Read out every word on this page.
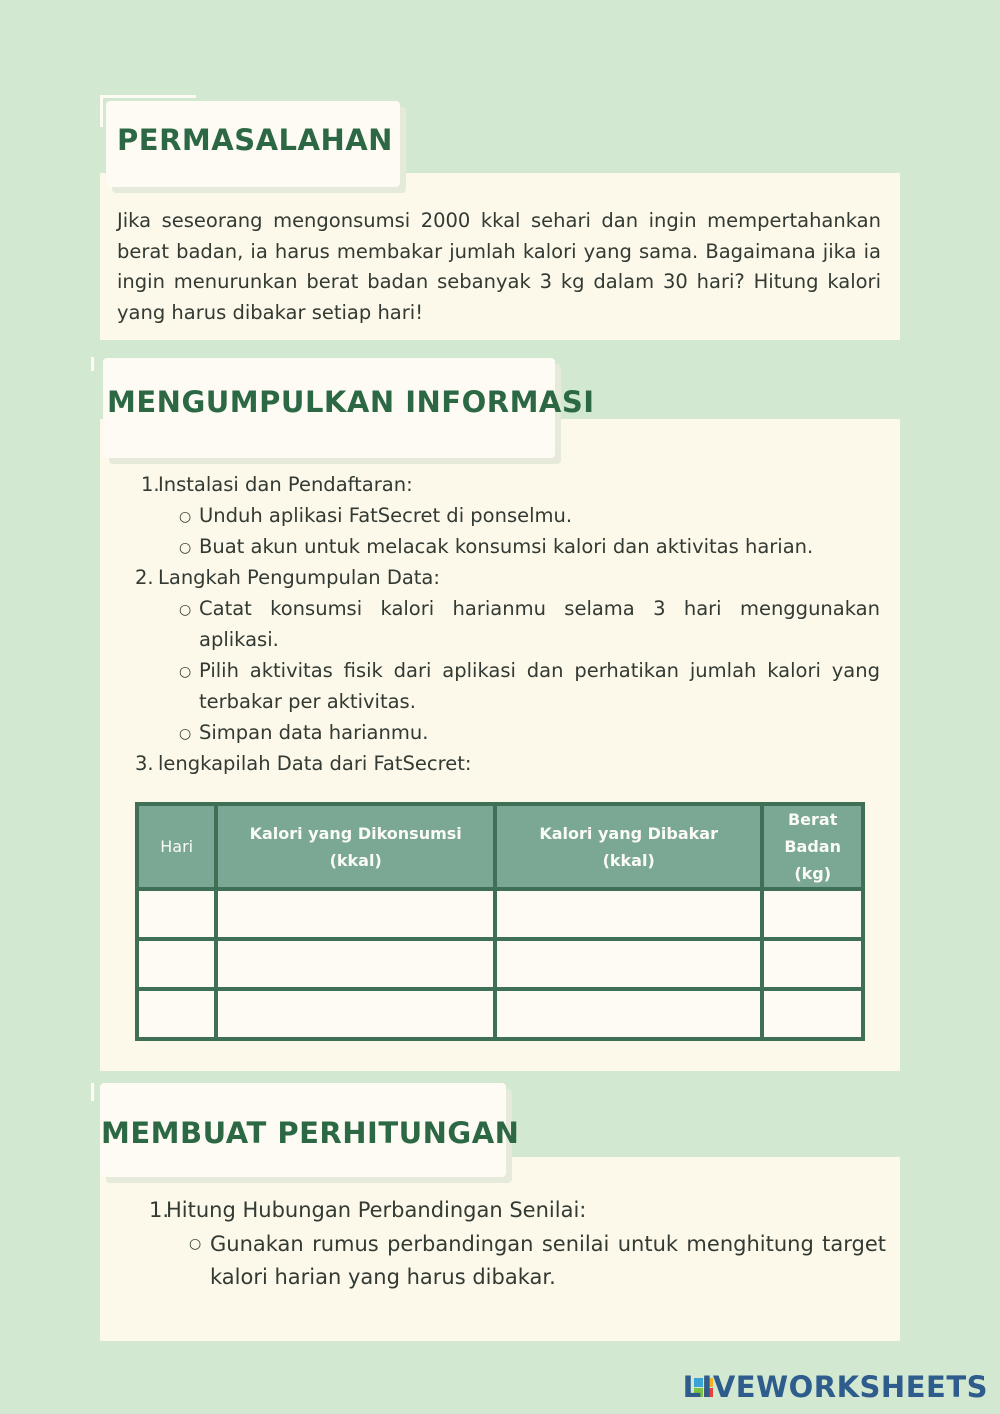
PERMASALAHAN

Jika seseorang mengonsumsi 2000 kkal sehari dan ingin mempertahankan berat badan, ia harus membakar jumlah kalori yang sama. Bagaimana jika ia ingin menurunkan berat badan sebanyak 3 kg dalam 30 hari? Hitung kalori yang harus dibakar setiap hari!

MENGUMPULKAN INFORMASI
1.
Instalasi dan Pendaftaran:
○ Unduh aplikasi FatSecret di ponselmu.
○ Buat akun untuk melacak konsumsi kalori dan aktivitas harian.
2. Langkah Pengumpulan Data:
○ Catat konsumsi kalori harianmu selama 3 hari menggunakan aplikasi.
○ Pilih aktivitas fisik dari aplikasi dan perhatikan jumlah kalori yang terbakar per aktivitas.
○ Simpan data harianmu.
3. lengkapilah Data dari FatSecret:
Hari	Kalori yang Dikonsumsi (kkal)	Kalori yang Dibakar (kkal)	Berat Badan (kg)

MEMBUAT PERHITUNGAN
1.
Hitung Hubungan Perbandingan Senilai:
○ Gunakan rumus perbandingan senilai untuk menghitung target kalori harian yang harus dibakar.
LIVEWORKSHEETS
